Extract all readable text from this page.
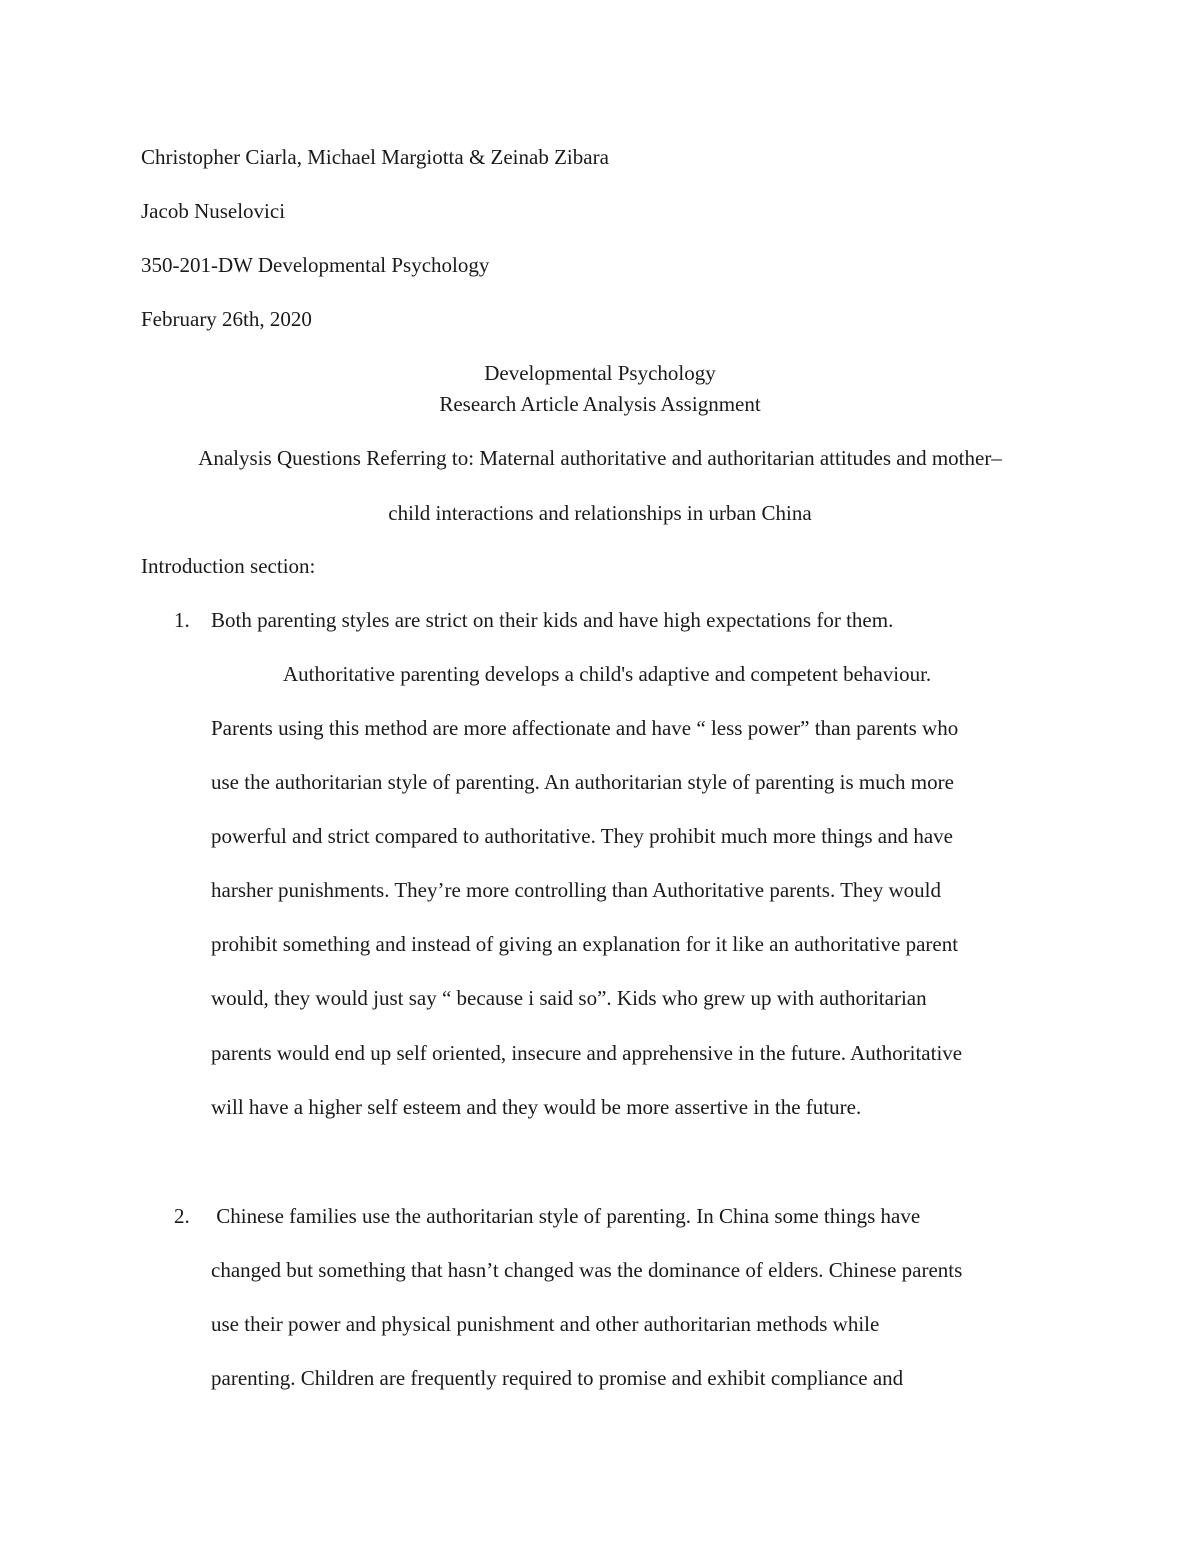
Christopher Ciarla, Michael Margiotta & Zeinab Zibara
Jacob Nuselovici
350-201-DW Developmental Psychology
February 26th, 2020
Developmental Psychology
Research Article Analysis Assignment
Analysis Questions Referring to: Maternal authoritative and authoritarian attitudes and mother–
child interactions and relationships in urban China
Introduction section:
1. Both parenting styles are strict on their kids and have high expectations for them.
Authoritative parenting develops a child's adaptive and competent behaviour.
Parents using this method are more affectionate and have “ less power” than parents who
use the authoritarian style of parenting. An authoritarian style of parenting is much more
powerful and strict compared to authoritative. They prohibit much more things and have
harsher punishments. They’re more controlling than Authoritative parents. They would
prohibit something and instead of giving an explanation for it like an authoritative parent
would, they would just say “ because i said so”. Kids who grew up with authoritarian
parents would end up self oriented, insecure and apprehensive in the future. Authoritative
will have a higher self esteem and they would be more assertive in the future.
2. Chinese families use the authoritarian style of parenting. In China some things have
changed but something that hasn’t changed was the dominance of elders. Chinese parents
use their power and physical punishment and other authoritarian methods while
parenting. Children are frequently required to promise and exhibit compliance and
